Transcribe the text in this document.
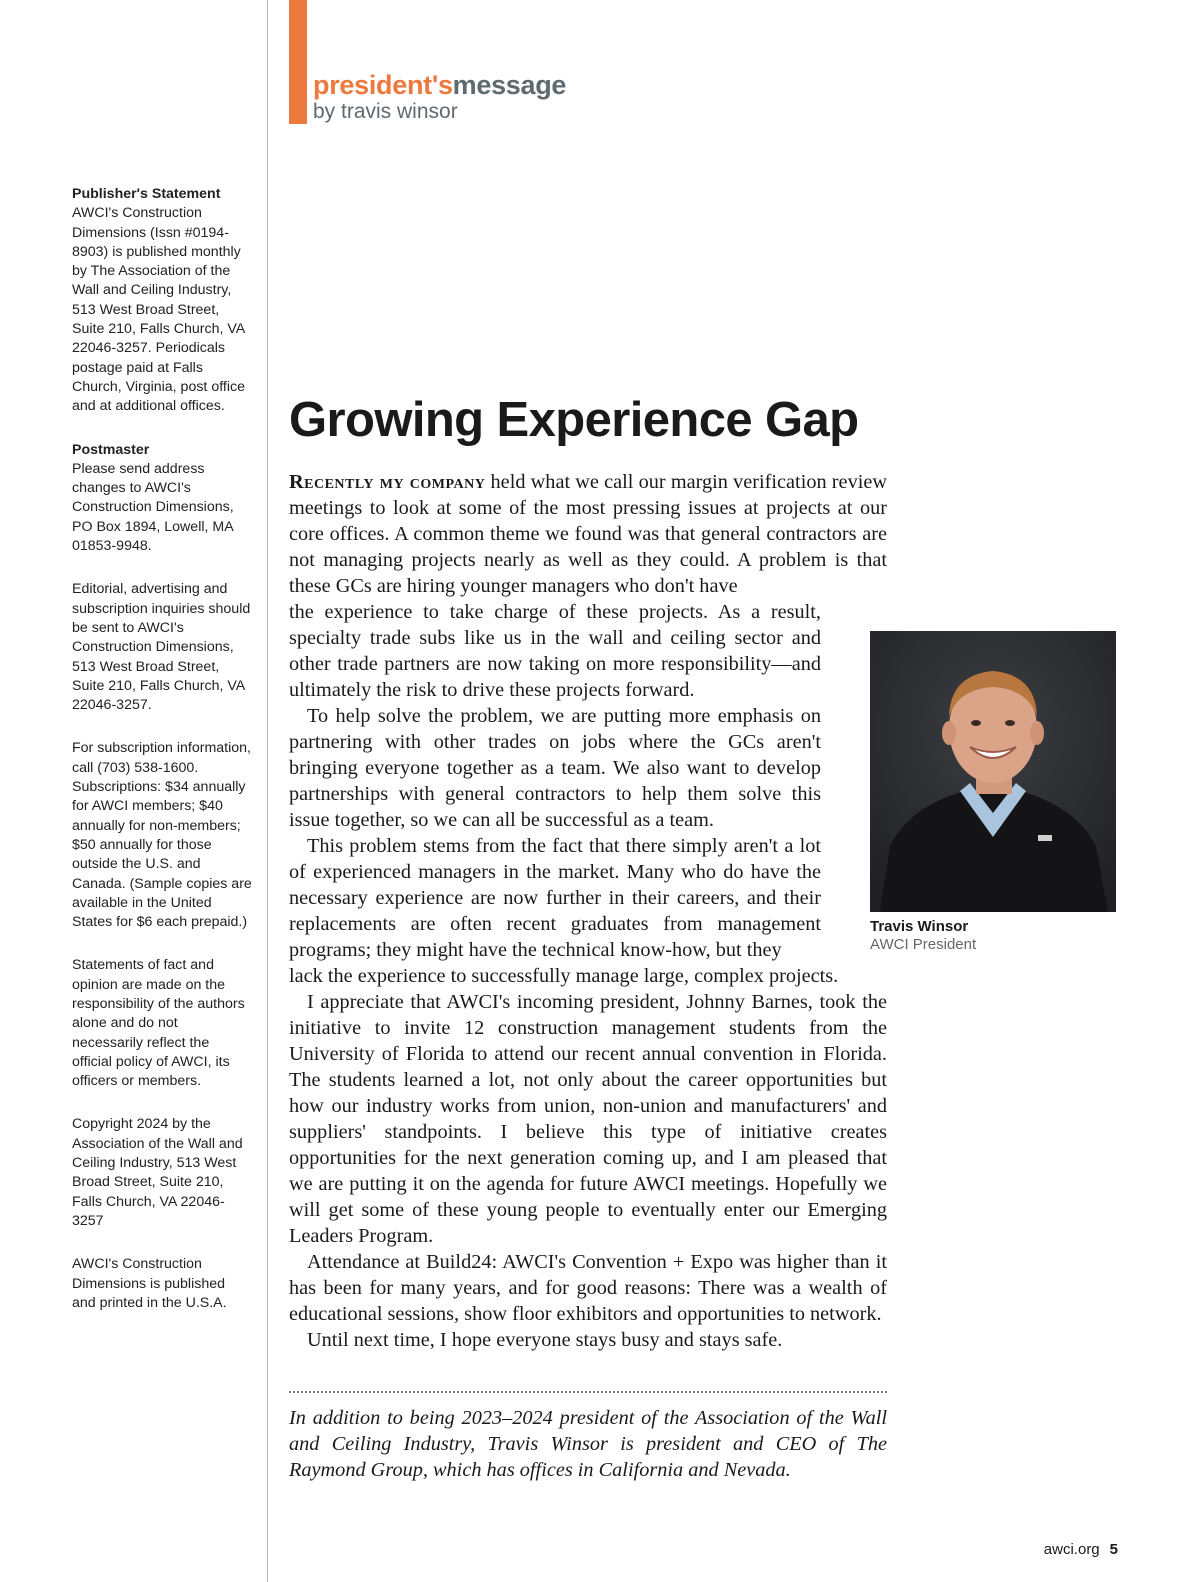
president'smessage
by travis winsor
Publisher's Statement

AWCI's Construction Dimensions (Issn #0194-8903) is published monthly by The Association of the Wall and Ceiling Industry, 513 West Broad Street, Suite 210, Falls Church, VA 22046-3257. Periodicals postage paid at Falls Church, Virginia, post office and at additional offices.

Postmaster

Please send address changes to AWCI's Construction Dimensions, PO Box 1894, Lowell, MA 01853-9948.

Editorial, advertising and subscription inquiries should be sent to AWCI's Construction Dimensions, 513 West Broad Street, Suite 210, Falls Church, VA 22046-3257.

For subscription information, call (703) 538-1600. Subscriptions: $34 annually for AWCI members; $40 annually for non-members; $50 annually for those outside the U.S. and Canada. (Sample copies are available in the United States for $6 each prepaid.)

Statements of fact and opinion are made on the responsibility of the authors alone and do not necessarily reflect the official policy of AWCI, its officers or members.

Copyright 2024 by the Association of the Wall and Ceiling Industry, 513 West Broad Street, Suite 210, Falls Church, VA 22046-3257

AWCI's Construction Dimensions is published and printed in the U.S.A.

Growing Experience Gap

Recently my company held what we call our margin verification review meetings to look at some of the most pressing issues at projects at our core offices. A common theme we found was that general contractors are not managing projects nearly as well as they could. A problem is that these GCs are hiring younger managers who don't have

the experience to take charge of these projects. As a result, specialty trade subs like us in the wall and ceiling sector and other trade partners are now taking on more responsibility—and ultimately the risk to drive these projects forward.

To help solve the problem, we are putting more emphasis on partnering with other trades on jobs where the GCs aren't bringing everyone together as a team. We also want to develop partnerships with general contractors to help them solve this issue together, so we can all be successful as a team.

This problem stems from the fact that there simply aren't a lot of experienced managers in the market. Many who do have the necessary experience are now further in their careers, and their replacements are often recent graduates from management programs; they might have the technical know-how, but they

lack the experience to successfully manage large, complex projects.

I appreciate that AWCI's incoming president, Johnny Barnes, took the initiative to invite 12 construction management students from the University of Florida to attend our recent annual convention in Florida. The students learned a lot, not only about the career opportunities but how our industry works from union, non-union and manufacturers' and suppliers' standpoints. I believe this type of initiative creates opportunities for the next generation coming up, and I am pleased that we are putting it on the agenda for future AWCI meetings. Hopefully we will get some of these young people to eventually enter our Emerging Leaders Program.

Attendance at Build24: AWCI's Convention + Expo was higher than it has been for many years, and for good reasons: There was a wealth of educational sessions, show floor exhibitors and opportunities to network.

Until next time, I hope everyone stays busy and stays safe.

Travis Winsor
AWCI President

In addition to being 2023–2024 president of the Association of the Wall and Ceiling Industry, Travis Winsor is president and CEO of The Raymond Group, which has offices in California and Nevada.

awci.org 5
